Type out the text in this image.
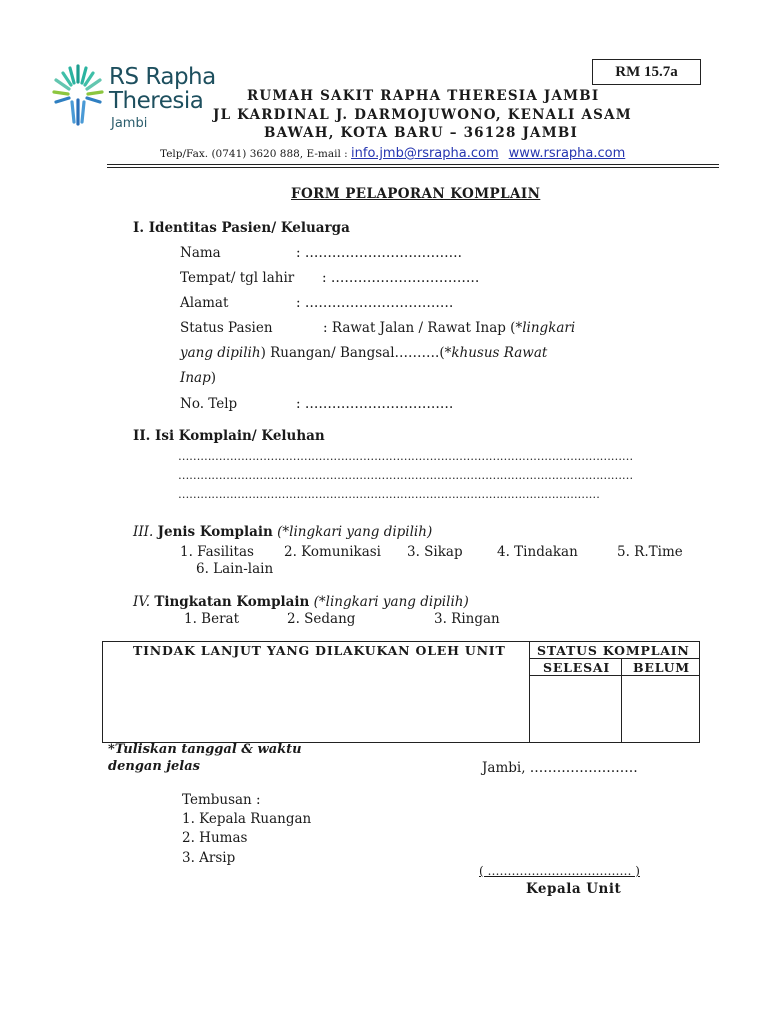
RS Rapha
Theresia
Jambi
RM 15.7a
RUMAH SAKIT RAPHA THERESIA JAMBI
JL KARDINAL J. DARMOJUWONO, KENALI ASAM
BAWAH, KOTA BARU – 36128 JAMBI
Telp/Fax. (0741) 3620 888, E-mail : info.jmb@rsrapha.com www.rsrapha.com
FORM PELAPORAN KOMPLAIN
I. Identitas Pasien/ Keluarga
Nama	: …………………….……….
Tempat/ tgl lahir : ……………………………
Alamat	: ……………………………
Status Pasien	: Rawat Jalan / Rawat Inap (*lingkari
yang dipilih) Ruangan/ Bangsal……….(*khusus Rawat
Inap)
No. Telp	: ……………………………
II. Isi Komplain/ Keluhan
……………………………………………………………………………………………………………
……………………………………………………………………………………………………………
……………………………………………………………………………………………………
III. Jenis Komplain (*lingkari yang dipilih)
1. Fasilitas 2. Komunikasi 3. Sikap	4. Tindakan	5. R.Time
6. Lain-lain
IV. Tingkatan Komplain (*lingkari yang dipilih)
1. Berat	2. Sedang	3. Ringan
TINDAK LANJUT YANG DILAKUKAN OLEH UNIT	STATUS KOMPLAIN
SELESAI BELUM
*Tuliskan tanggal & waktu
dengan jelas	Jambi, ……………………
Tembusan :
1. Kepala Ruangan
2. Humas
3. Arsip
( ……………………………… )
Kepala Unit
